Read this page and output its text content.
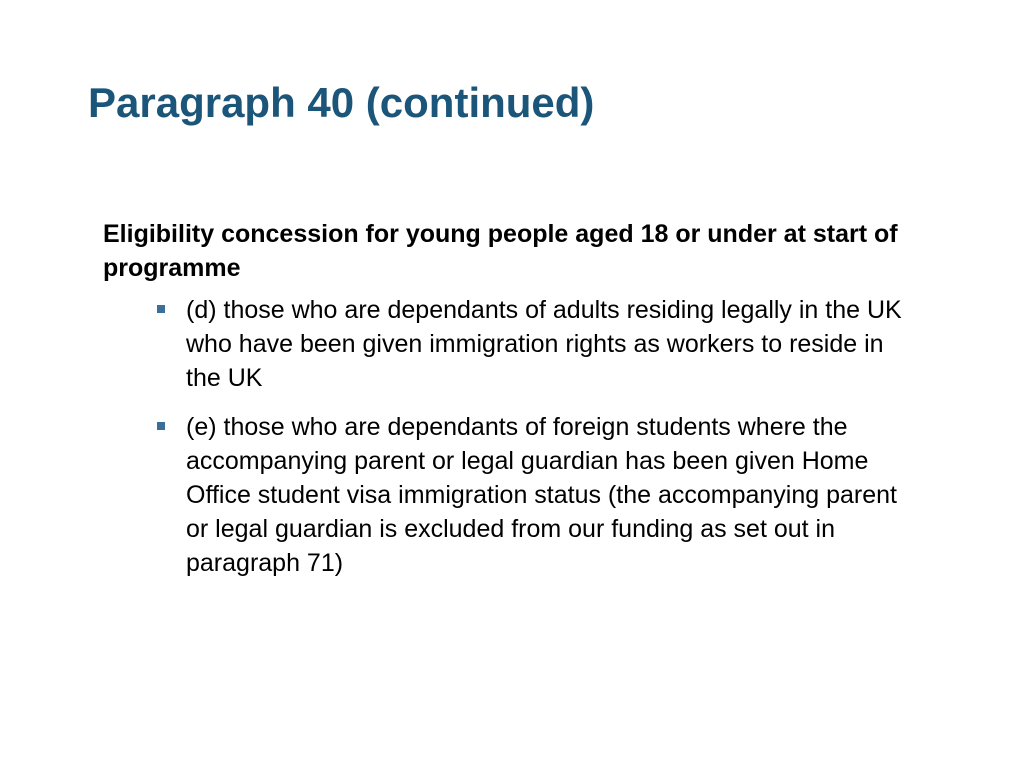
Paragraph 40 (continued)

Eligibility concession for young people aged 18 or under at start of programme

(d) those who are dependants of adults residing legally in the UK who have been given immigration rights as workers to reside in the UK
(e) those who are dependants of foreign students where the accompanying parent or legal guardian has been given Home Office student visa immigration status (the accompanying parent or legal guardian is excluded from our funding as set out in paragraph 71)
